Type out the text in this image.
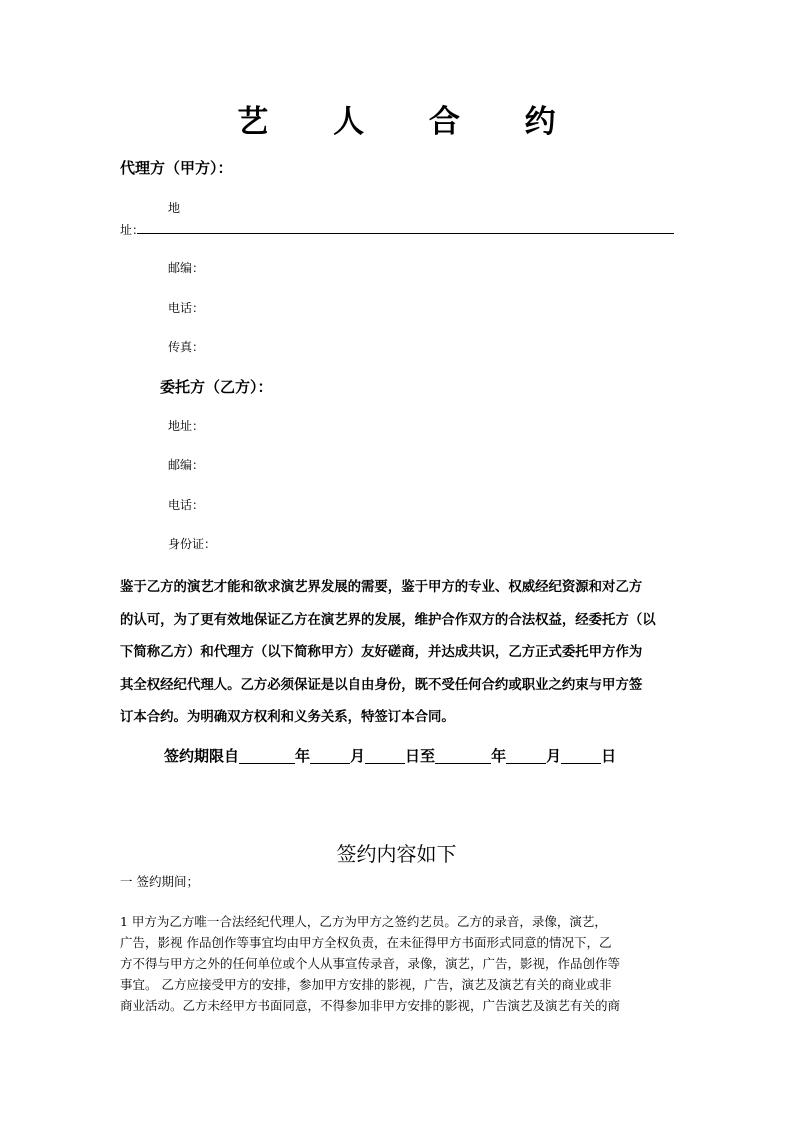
艺 人 合 约
代理方（甲方）：
地
址：
邮编：
电话：
传真：
委托方（乙方）：
地址：
邮编：
电话：
身份证：

鉴于乙方的演艺才能和欲求演艺界发展的需要，鉴于甲方的专业、权威经纪资源和对乙方

的认可，为了更有效地保证乙方在演艺界的发展，维护合作双方的合法权益，经委托方（以

下简称乙方）和代理方（以下简称甲方）友好磋商，并达成共识，乙方正式委托甲方作为

其全权经纪代理人。乙方必须保证是以自由身份，既不受任何合约或职业之约束与甲方签

订本合约。为明确双方权利和义务关系，特签订本合同。

签约期限自	年	月	日至	年	月	日
签约内容如下
一 签约期间；

1 甲方为乙方唯一合法经纪代理人，乙方为甲方之签约艺员。乙方的录音，录像，演艺，

广告，影视 作品创作等事宜均由甲方全权负责，在未征得甲方书面形式同意的情况下，乙

方不得与甲方之外的任何单位或个人从事宣传录音，录像，演艺，广告，影视，作品创作等

事宜。 乙方应接受甲方的安排，参加甲方安排的影视，广告，演艺及演艺有关的商业或非

商业活动。乙方未经甲方书面同意，不得参加非甲方安排的影视，广告演艺及演艺有关的商
